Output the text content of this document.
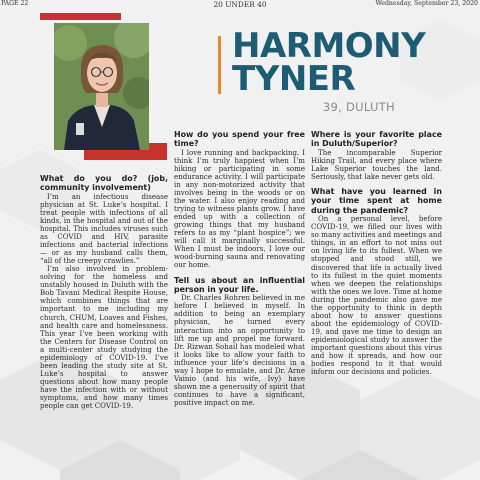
PAGE 22	20 UNDER 40	Wednesday, September 23, 2020
HARMONY
TYNER
39, DULUTH

What do you do? (job, community involvement)

I’m an infectious disease physician at St. Luke’s hospital. I treat people with infections of all kinds, in the hospital and out of the hospital. This includes viruses such as COVID and HIV, parasite infections and bacterial infections — or as my husband calls them, “all of the creepy crawlies.”

I’m also involved in problem-solving for the homeless and unstably housed in Duluth with the Bob Tavani Medical Respite House, which combines things that are important to me including my church, CHUM, Loaves and Fishes, and health care and homelessness. This year I’ve been working with the Centers for Disease Control on a multi-center study studying the epidemiology of COVID-19. I’ve been leading the study site at St. Luke’s hospital to answer questions about how many people have the infection with or without symptoms, and how many times people can get COVID-19.

How do you spend your free time?

I love running and backpacking. I think I’m truly happiest when I’m hiking or participating in some endurance activity. I will participate in any non-motorized activity that involves being in the woods or on the water. I also enjoy reading and trying to witness plants grow. I have ended up with a collection of growing things that my husband refers to as my “plant hospice”; we will call it marginally successful. When I must be indoors, I love our wood-burning sauna and renovating our home.

Tell us about an influential person in your life.

Dr. Charles Rohren believed in me before I believed in myself. In addition to being an exemplary physician, he turned every interaction into an opportunity to lift me up and propel me forward. Dr. Rizwan Sohail has modeled what it looks like to allow your faith to influence your life’s decisions in a way I hope to emulate, and Dr. Arne Vainio (and his wife, Ivy) have shown me a generosity of spirit that continues to have a significant, positive impact on me.

Where is your favorite place in Duluth/Superior?

The incomparable Superior Hiking Trail, and every place where Lake Superior touches the land. Seriously, that lake never gets old.

What have you learned in your time spent at home during the pandemic?

On a personal level, before COVID-19, we filled our lives with so many activities and meetings and things, in an effort to not miss out on living life to its fullest. When we stopped and stood still, we discovered that life is actually lived to its fullest in the quiet moments when we deepen the relationships with the ones we love. Time at home during the pandemic also gave me the opportunity to think in depth about how to answer questions about the epidemiology of COVID-19, and gave me time to design an epidemiological study to answer the important questions about this virus and how it spreads, and how our bodies respond to it that would inform our decisions and policies.
